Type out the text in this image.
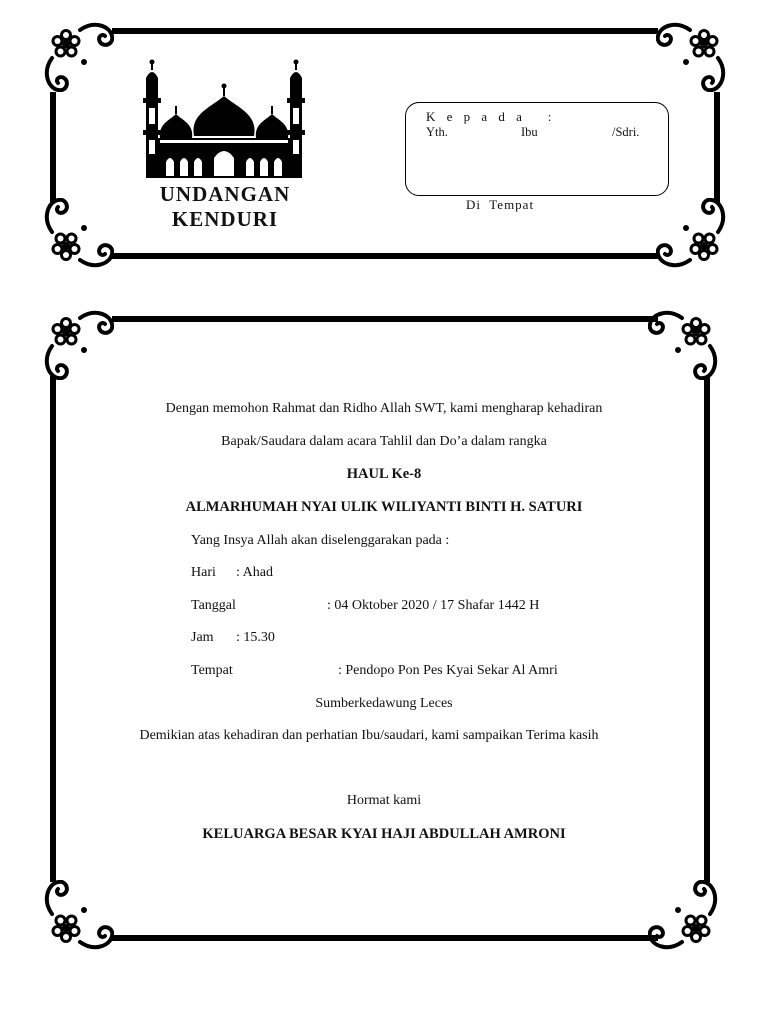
UNDANGAN
KENDURI
K e p a d a   :
Yth.	Ibu	/Sdri.
Di  Tempat
Dengan memohon Rahmat dan Ridho Allah SWT, kami mengharap kehadiran
Bapak/Saudara dalam acara Tahlil dan Do’a dalam rangka
HAUL Ke-8
ALMARHUMAH NYAI ULIK WILIYANTI BINTI H. SATURI
Yang Insya Allah akan diselenggarakan pada :
Hari : Ahad
Tanggal	: 04 Oktober 2020 / 17 Shafar 1442 H
Jam : 15.30
Tempat	: Pendopo Pon Pes Kyai Sekar Al Amri
Sumberkedawung Leces
Demikian atas kehadiran dan perhatian Ibu/saudari, kami sampaikan Terima kasih
Hormat kami
KELUARGA BESAR KYAI HAJI ABDULLAH AMRONI
